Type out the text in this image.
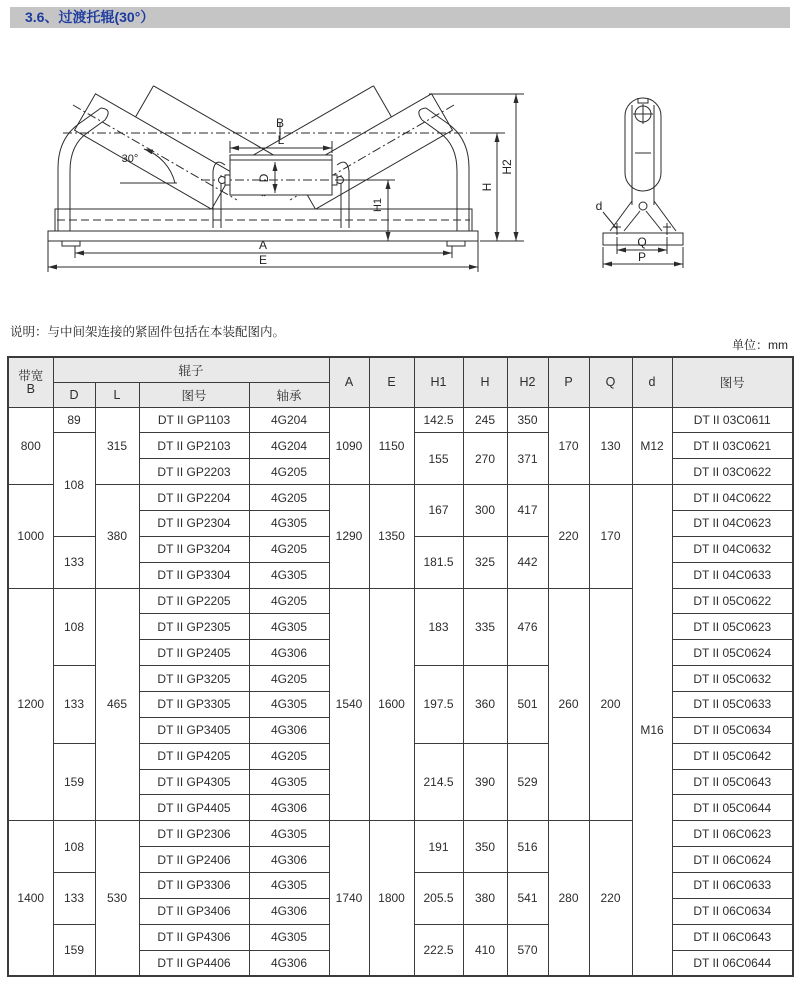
3.6、过渡托辊(30°）
B
L
D
30°
H1
H
H2
A
E
d
Q
P
说明：与中间架连接的紧固件包括在本装配图内。
单位：mm
带宽
B	辊子				A	E	H1	H	H2	P	Q	d	图号
	D	L	图号	轴承									
800	89	315	DT II GP1103	4G204	1090	1150	142.5	245	350	170	130	M12	DT II 03C0611
	108		DT II GP2103	4G204			155	270	371				DT II 03C0621
			DT II GP2203	4G205									DT II 03C0622
1000		380	DT II GP2204	4G205	1290	1350	167	300	417	220	170	M16	DT II 04C0622
			DT II GP2304	4G305									DT II 04C0623
	133		DT II GP3204	4G205			181.5	325	442				DT II 04C0632
			DT II GP3304	4G305									DT II 04C0633
1200	108	465	DT II GP2205	4G205	1540	1600	183	335	476	260	200		DT II 05C0622
			DT II GP2305	4G305									DT II 05C0623
			DT II GP2405	4G306									DT II 05C0624
	133		DT II GP3205	4G205			197.5	360	501				DT II 05C0632
			DT II GP3305	4G305									DT II 05C0633
			DT II GP3405	4G306									DT II 05C0634
	159		DT II GP4205	4G205			214.5	390	529				DT II 05C0642
			DT II GP4305	4G305									DT II 05C0643
			DT II GP4405	4G306									DT II 05C0644
1400	108	530	DT II GP2306	4G305	1740	1800	191	350	516	280	220		DT II 06C0623
			DT II GP2406	4G306									DT II 06C0624
	133		DT II GP3306	4G305			205.5	380	541				DT II 06C0633
			DT II GP3406	4G306									DT II 06C0634
	159		DT II GP4306	4G305			222.5	410	570				DT II 06C0643
			DT II GP4406	4G306									DT II 06C0644
